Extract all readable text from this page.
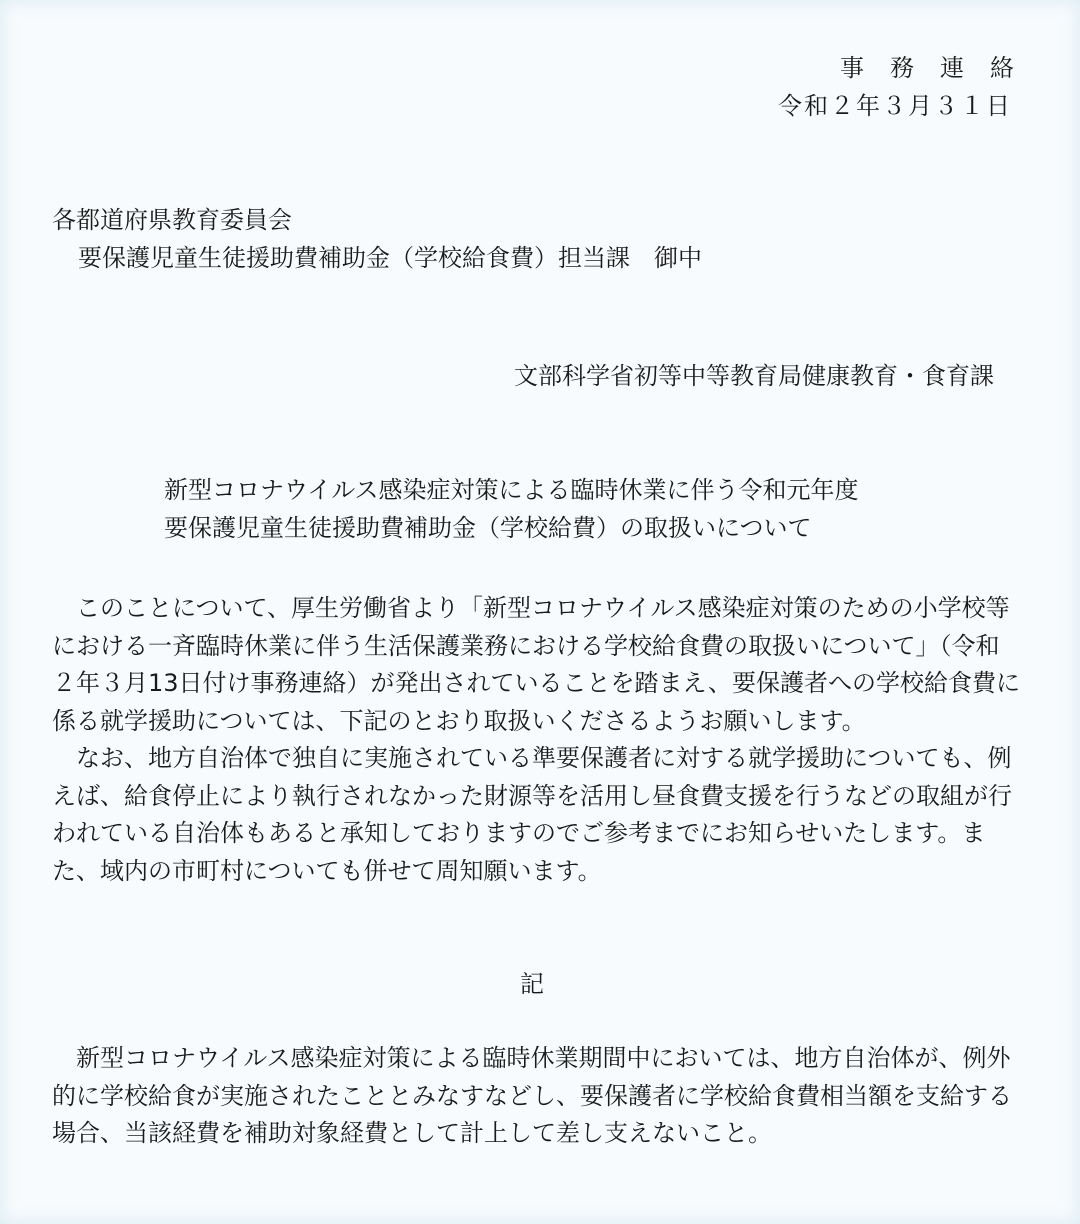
事務連絡
令和２年３月３１日
各都道府県教育委員会
要保護児童生徒援助費補助金（学校給食費）担当課　御中
文部科学省初等中等教育局健康教育・食育課
新型コロナウイルス感染症対策による臨時休業に伴う令和元年度
要保護児童生徒援助費補助金（学校給費）の取扱いについて

　このことについて、厚生労働省より「新型コロナウイルス感染症対策のための小学校等における一斉臨時休業に伴う生活保護業務における学校給食費の取扱いについて」（令和２年３月13日付け事務連絡）が発出されていることを踏まえ、要保護者への学校給食費に係る就学援助については、下記のとおり取扱いくださるようお願いします。

　なお、地方自治体で独自に実施されている準要保護者に対する就学援助についても、例えば、給食停止により執行されなかった財源等を活用し昼食費支援を行うなどの取組が行われている自治体もあると承知しておりますのでご参考までにお知らせいたします。また、域内の市町村についても併せて周知願います。

記

　新型コロナウイルス感染症対策による臨時休業期間中においては、地方自治体が、例外的に学校給食が実施されたこととみなすなどし、要保護者に学校給食費相当額を支給する場合、当該経費を補助対象経費として計上して差し支えないこと。
